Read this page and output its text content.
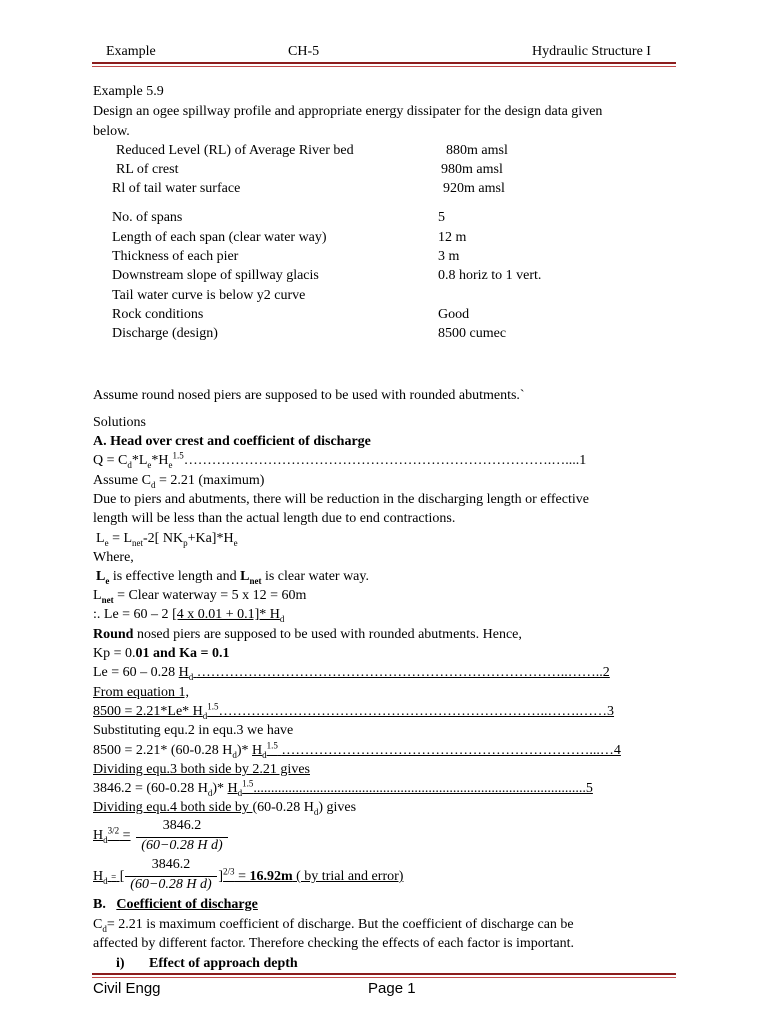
Example	CH-5	Hydraulic Structure I
Example 5.9
Design an ogee spillway profile and appropriate energy dissipater for the design data given
below.
Reduced Level (RL) of Average River bed	880m amsl
RL of crest	980m amsl
Rl of tail water surface	920m amsl
No. of spans	5
Length of each span (clear water way)	12 m
Thickness of each pier	3 m
Downstream slope of spillway glacis	0.8 horiz to 1 vert.
Tail water curve is below y2 curve
Rock conditions	Good
Discharge (design)	8500 cumec
Assume round nosed piers are supposed to be used with rounded abutments.`
Solutions
A. Head over crest and coefficient of discharge
$Q = C_d*L_e*H_e^{1.5}\dots\dots\dots\dots\dots\dots\dots\dots\dots\dots\dots\dots\dots\dots\dots\dots\dots\dots\dots\dots\dots\dots\dots\dots\dots\dots.\dots....1$
Assume $C_d = 2.21$ (maximum)
Due to piers and abutments, there will be reduction in the discharging length or effective
length will be less than the actual length due to end contractions.
$L_e = L_{net}-2$[ $NK_p+Ka]*H_e$
Where,
$L_e$ is effective length and $L_{net}$ is clear water way.
$L_{net}$ = Clear waterway = 5 x 12 = 60m
:. Le = 60 – 2 [4 x 0.01 + 0.1]* $H_d$
Round nosed piers are supposed to be used with rounded abutments. Hence,
Kp = 0.01 and Ka = 0.1
Le = 60 – 0.28 $H_d$ ……………………………………………………………………..……..2
From equation 1,
8500 = 2.21*Le* $H_d^{1.5}\dots\dots\dots\dots\dots\dots\dots\dots\dots\dots\dots\dots\dots\dots\dots\dots\dots\dots\dots\dots\dots\dots\dots..\dots\dots.\dots\dots 3$
Substituting equ.2 in equ.3 we have
8500 = 2.21* (60-0.28 $H_d)*$ $H_d^{1.5}$ …………………………………………………………...…4
Dividing equ.3 both side by 2.21 gives
3846.2 = (60-0.28 $H_d)*$ $H_d^{1.5}...............................................................................................5$
Dividing equ.4 both side by (60-0.28 $H_d$) gives
$H_d^{3/2}$ =
3846.2
(60−0.28 H d)
3846.2
$H_d$ = [	]$^{2/3}$ = 16.92m ( by trial and error)
(60−0.28 H d)
B. Coefficient of discharge
$C_d= 2.21$ is maximum coefficient of discharge. But the coefficient of discharge can be
affected by different factor. Therefore checking the effects of each factor is important.
i) Effect of approach depth
Civil Engg	Page 1
